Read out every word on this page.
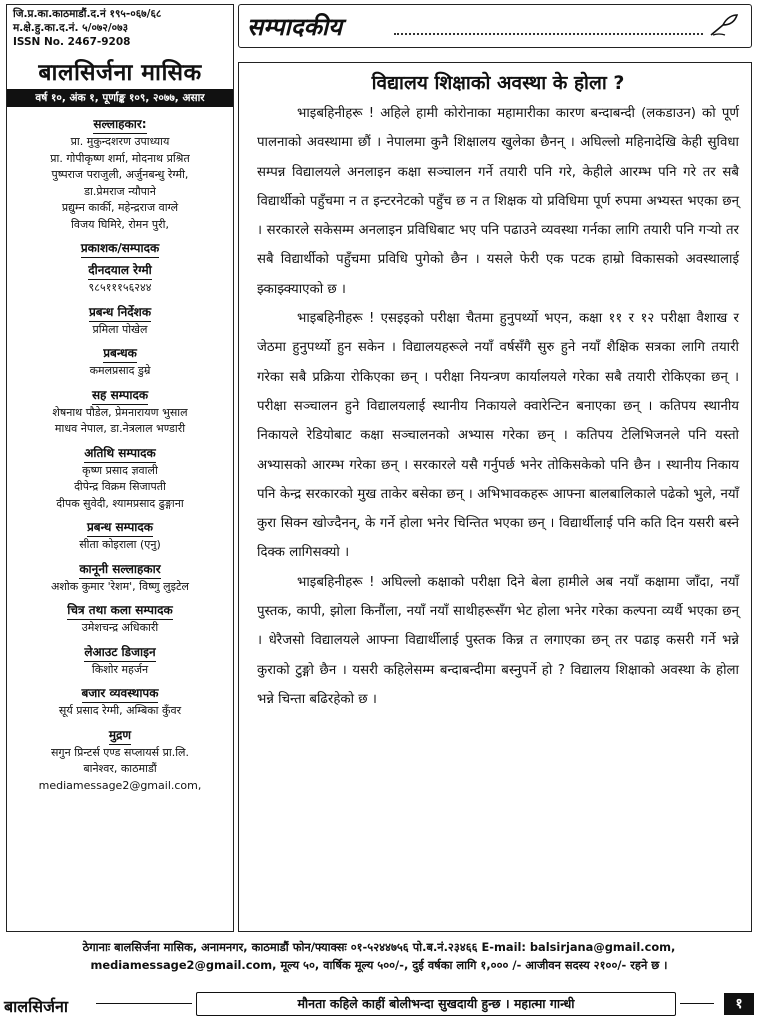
जि.प्र.का.काठमाडौं.द.नं १९५-०६७/६८
म.क्षे.हु.का.द.नं. ५/०७२/०७३
ISSN No. 2467-9208
बालसिर्जना मासिक
वर्ष १०, अंक १, पूर्णाङ्क १०९, २०७७, असार
सल्लाहकार:
प्रा. मुकुन्दशरण उपाध्याय
प्रा. गोपीकृष्ण शर्मा, मोदनाथ प्रश्रित
पुष्पराज पराजुली, अर्जुनबन्धु रेग्मी,
डा.प्रेमराज न्यौपाने
प्रद्युम्न कार्की, महेन्द्रराज वाग्ले
विजय घिमिरे, रोमन पुरी,
प्रकाशक/सम्पादक
दीनदयाल रेग्मी
९८५१११५६२४४
प्रबन्ध निर्देशक
प्रमिला पोखेल
प्रबन्धक
कमलप्रसाद डुम्रे
सह सम्पादक
शेषनाथ पौडेल, प्रेमनारायण भुसाल
माधव नेपाल, डा.नेत्रलाल भण्डारी
अतिथि सम्पादक
कृष्ण प्रसाद ज्ञवाली
दीपेन्द्र विक्रम सिजापती
दीपक सुवेदी, श्यामप्रसाद ढुङ्गाना
प्रबन्ध सम्पादक
सीता कोइराला (एनु)
कानूनी सल्लाहकार
अशोक कुमार 'रेशम', विष्णु लुइटेल
चित्र तथा कला सम्पादक
उमेशचन्द्र अधिकारी
लेआउट डिजाइन
किशोर महर्जन
बजार व्यवस्थापक
सूर्य प्रसाद रेग्मी, अम्बिका कुँवर
मुद्रण
सगुन प्रिन्टर्स एण्ड सप्लायर्स प्रा.लि.
बानेश्वर, काठमाडौं
mediamessage2@gmail.com,
सम्पादकीय
विद्यालय शिक्षाको अवस्था के होला ?

भाइबहिनीहरू ! अहिले हामी कोरोनाका महामारीका कारण बन्दाबन्दी (लकडाउन) को पूर्ण पालनाको अवस्थामा छौं । नेपालमा कुनै शिक्षालय खुलेका छैनन् । अघिल्लो महिनादेखि केही सुविधा सम्पन्न विद्यालयले अनलाइन कक्षा सञ्चालन गर्ने तयारी पनि गरे, केहीले आरम्भ पनि गरे तर सबै विद्यार्थीको पहुँचमा न त इन्टरनेटको पहुँच छ न त शिक्षक यो प्रविधिमा पूर्ण रुपमा अभ्यस्त भएका छन् । सरकारले सकेसम्म अनलाइन प्रविधिबाट भए पनि पढाउने व्यवस्था गर्नका लागि तयारी पनि गऱ्यो तर सबै विद्यार्थीको पहुँचमा प्रविधि पुगेको छैन । यसले फेरी एक पटक हाम्रो विकासको अवस्थालाई झ्काझ्क्याएको छ ।

भाइबहिनीहरू ! एसइइको परीक्षा चैतमा हुनुपर्थ्यो भएन, कक्षा ११ र १२ परीक्षा वैशाख र जेठमा हुनुपर्थ्यो हुन सकेन । विद्यालयहरूले नयाँ वर्षसँगै सुरु हुने नयाँ शैक्षिक सत्रका लागि तयारी गरेका सबै प्रक्रिया रोकिएका छन् । परीक्षा नियन्त्रण कार्यालयले गरेका सबै तयारी रोकिएका छन् । परीक्षा सञ्चालन हुने विद्यालयलाई स्थानीय निकायले क्वारेन्टिन बनाएका छन् । कतिपय स्थानीय निकायले रेडियोबाट कक्षा सञ्चालनको अभ्यास गरेका छन् । कतिपय टेलिभिजनले पनि यस्तो अभ्यासको आरम्भ गरेका छन् । सरकारले यसै गर्नुपर्छ भनेर तोकिसकेको पनि छैन । स्थानीय निकाय पनि केन्द्र सरकारको मुख ताकेर बसेका छन् । अभिभावकहरू आफ्ना बालबालिकाले पढेको भुले, नयाँ कुरा सिक्न खोज्दैनन्, के गर्ने होला भनेर चिन्तित भएका छन् । विद्यार्थीलाई पनि कति दिन यसरी बस्ने दिक्क लागिसक्यो ।

भाइबहिनीहरू ! अघिल्लो कक्षाको परीक्षा दिने बेला हामीले अब नयाँ कक्षामा जाँदा, नयाँ पुस्तक, कापी, झोला किनौंला, नयाँ नयाँ साथीहरूसँग भेट होला भनेर गरेका कल्पना व्यर्थै भएका छन् । धेरैजसो विद्यालयले आफ्ना विद्यार्थीलाई पुस्तक किन्न त लगाएका छन् तर पढाइ कसरी गर्ने भन्ने कुराको टुङ्गो छैन । यसरी कहिलेसम्म बन्दाबन्दीमा बस्नुपर्ने हो ? विद्यालय शिक्षाको अवस्था के होला भन्ने चिन्ता बढिरहेको छ ।

ठेगानाः बालसिर्जना मासिक, अनामनगर, काठमाडौं फोन/फ्याक्सः ०१-५२४४७५६ पो.ब.नं.२३४६६ E-mail: balsirjana@gmail.com,
mediamessage2@gmail.com, मूल्य ५०, वार्षिक मूल्य ५००/-, दुई वर्षका लागि १,००० /- आजीवन सदस्य २१००/- रहने छ ।
बालसिर्जना	मौनता कहिले काहीं बोलीभन्दा सुखदायी हुन्छ । महात्मा गान्धी	१
